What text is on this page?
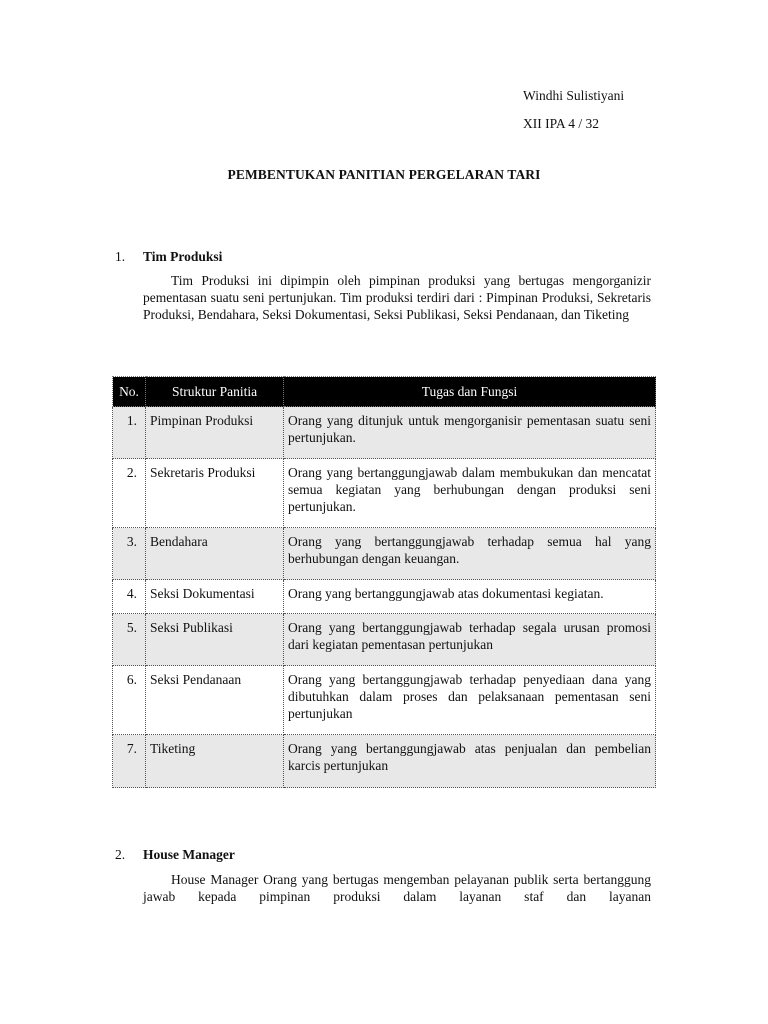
Windhi Sulistiyani
XII IPA 4 / 32
PEMBENTUKAN PANITIAN PERGELARAN TARI
1. Tim Produksi

Tim Produksi ini dipimpin oleh pimpinan produksi yang bertugas mengorganizir pementasan suatu seni pertunjukan. Tim produksi terdiri dari : Pimpinan Produksi, Sekretaris Produksi, Bendahara, Seksi Dokumentasi, Seksi Publikasi, Seksi Pendanaan, dan Tiketing

No.	Struktur Panitia	Tugas dan Fungsi
1.	Pimpinan Produksi	Orang yang ditunjuk untuk mengorganisir pementasan suatu seni pertunjukan.
2.	Sekretaris Produksi	Orang yang bertanggungjawab dalam membukukan dan mencatat semua kegiatan yang berhubungan dengan produksi seni pertunjukan.
3.	Bendahara	Orang yang bertanggungjawab terhadap semua hal yang berhubungan dengan keuangan.
4.	Seksi Dokumentasi	Orang yang bertanggungjawab atas dokumentasi kegiatan.
5.	Seksi Publikasi	Orang yang bertanggungjawab terhadap segala urusan promosi dari kegiatan pementasan pertunjukan
6.	Seksi Pendanaan	Orang yang bertanggungjawab terhadap penyediaan dana yang dibutuhkan dalam proses dan pelaksanaan pementasan seni pertunjukan
7.	Tiketing	Orang yang bertanggungjawab atas penjualan dan pembelian karcis pertunjukan
2. House Manager

House Manager Orang yang bertugas mengemban pelayanan publik serta bertanggung jawab kepada pimpinan produksi dalam layanan staf dan layanan
